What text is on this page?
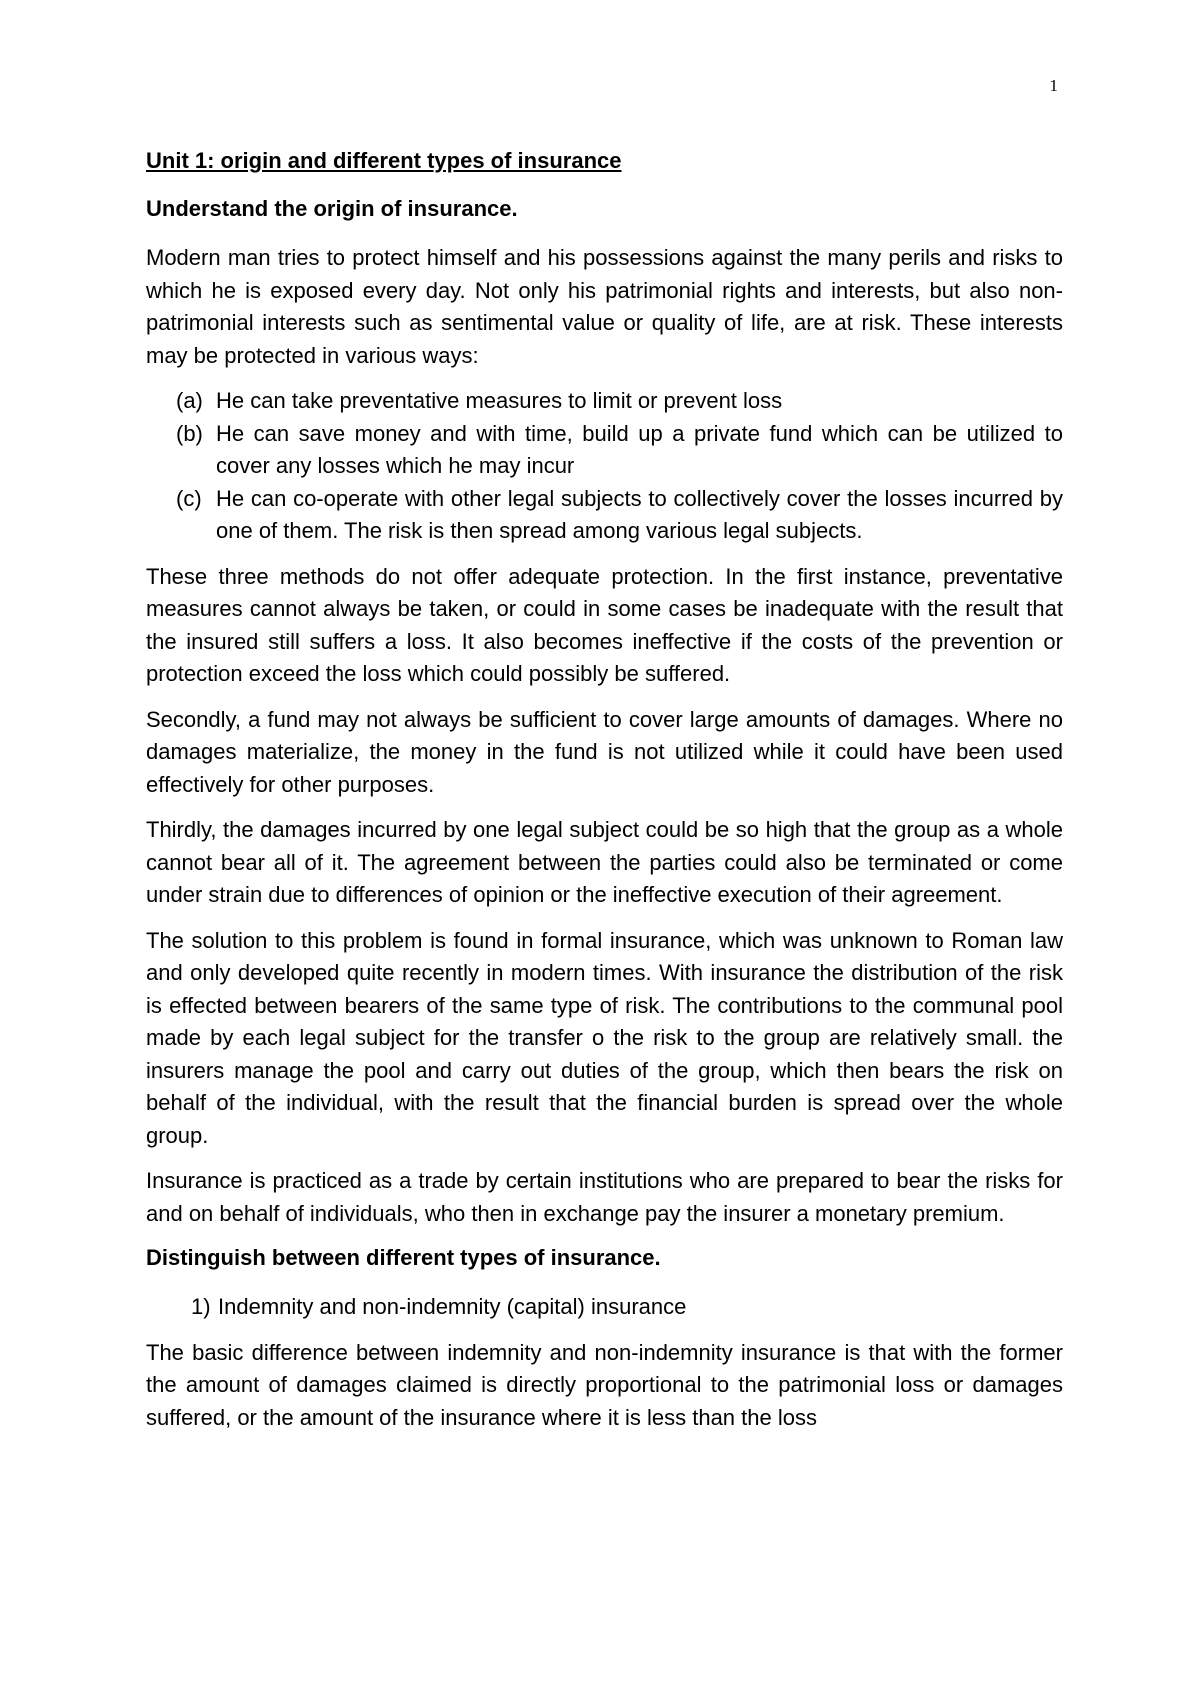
1
Unit 1: origin and different types of insurance
Understand the origin of insurance.

Modern man tries to protect himself and his possessions against the many perils and risks to which he is exposed every day. Not only his patrimonial rights and interests, but also non-patrimonial interests such as sentimental value or quality of life, are at risk. These interests may be protected in various ways:

(a) He can take preventative measures to limit or prevent loss
(b) He can save money and with time, build up a private fund which can be utilized to cover any losses which he may incur
(c) He can co-operate with other legal subjects to collectively cover the losses incurred by one of them. The risk is then spread among various legal subjects.

These three methods do not offer adequate protection. In the first instance, preventative measures cannot always be taken, or could in some cases be inadequate with the result that the insured still suffers a loss. It also becomes ineffective if the costs of the prevention or protection exceed the loss which could possibly be suffered.

Secondly, a fund may not always be sufficient to cover large amounts of damages. Where no damages materialize, the money in the fund is not utilized while it could have been used effectively for other purposes.

Thirdly, the damages incurred by one legal subject could be so high that the group as a whole cannot bear all of it. The agreement between the parties could also be terminated or come under strain due to differences of opinion or the ineffective execution of their agreement.

The solution to this problem is found in formal insurance, which was unknown to Roman law and only developed quite recently in modern times. With insurance the distribution of the risk is effected between bearers of the same type of risk. The contributions to the communal pool made by each legal subject for the transfer o the risk to the group are relatively small. the insurers manage the pool and carry out duties of the group, which then bears the risk on behalf of the individual, with the result that the financial burden is spread over the whole group.

Insurance is practiced as a trade by certain institutions who are prepared to bear the risks for and on behalf of individuals, who then in exchange pay the insurer a monetary premium.

Distinguish between different types of insurance.
1) Indemnity and non-indemnity (capital) insurance

The basic difference between indemnity and non-indemnity insurance is that with the former the amount of damages claimed is directly proportional to the patrimonial loss or damages suffered, or the amount of the insurance where it is less than the loss
